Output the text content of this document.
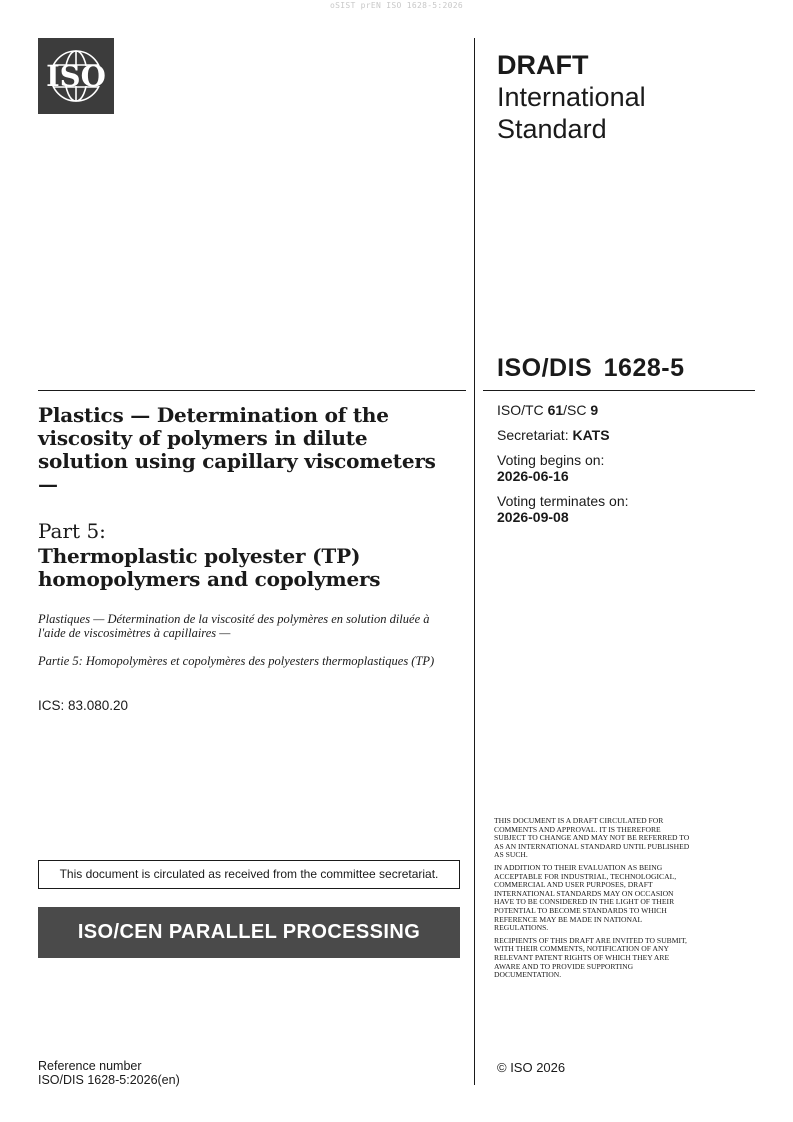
oSIST prEN ISO 1628-5:2026
ISO	DRAFT
International
Standard
ISO/DIS 1628-5
ISO/TC 61/SC 9
Secretariat: KATS
Voting begins on:
2026-06-16
Voting terminates on:
2026-09-08
Plastics — Determination of the viscosity of polymers in dilute solution using capillary viscometers —
Part 5:
Thermoplastic polyester (TP) homopolymers and copolymers
Plastiques — Détermination de la viscosité des polymères en solution diluée à l'aide de viscosimètres à capillaires —
Partie 5: Homopolymères et copolymères des polyesters thermoplastiques (TP)
ICS: 83.080.20
This document is circulated as received from the committee secretariat.
ISO/CEN PARALLEL PROCESSING
Reference number
ISO/DIS 1628-5:2026(en)

THIS DOCUMENT IS A DRAFT CIRCULATED FOR COMMENTS AND APPROVAL. IT IS THEREFORE SUBJECT TO CHANGE AND MAY NOT BE REFERRED TO AS AN INTERNATIONAL STANDARD UNTIL PUBLISHED AS SUCH.

IN ADDITION TO THEIR EVALUATION AS BEING ACCEPTABLE FOR INDUSTRIAL, TECHNOLOGICAL, COMMERCIAL AND USER PURPOSES, DRAFT INTERNATIONAL STANDARDS MAY ON OCCASION HAVE TO BE CONSIDERED IN THE LIGHT OF THEIR POTENTIAL TO BECOME STANDARDS TO WHICH REFERENCE MAY BE MADE IN NATIONAL REGULATIONS.

RECIPIENTS OF THIS DRAFT ARE INVITED TO SUBMIT, WITH THEIR COMMENTS, NOTIFICATION OF ANY RELEVANT PATENT RIGHTS OF WHICH THEY ARE AWARE AND TO PROVIDE SUPPORTING DOCUMENTATION.

© ISO 2026
